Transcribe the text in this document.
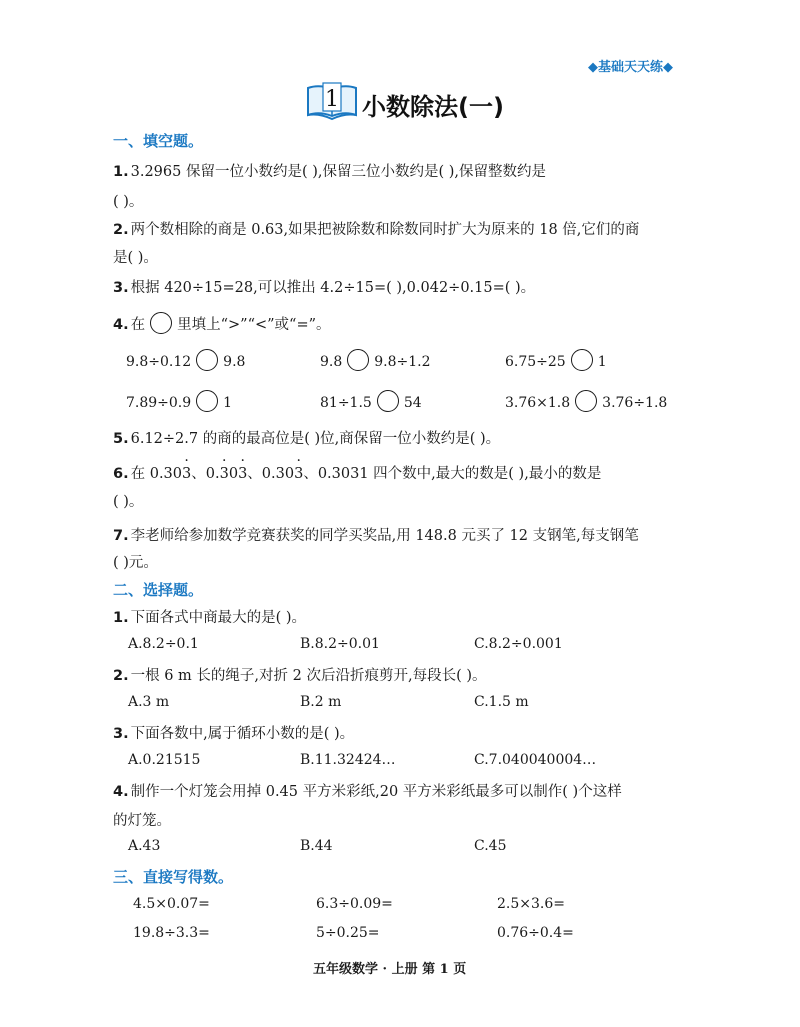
◆基础天天练◆
1 小数除法(一)
一、填空题。
1. 3.2965 保留一位小数约是( ),保留三位小数约是( ),保留整数约是
( )。
2. 两个数相除的商是 0.63,如果把被除数和除数同时扩大为原来的 18 倍,它们的商
是( )。
3. 根据 420÷15=28,可以推出 4.2÷15=( ),0.042÷0.15=( )。
4. 在 里填上“>”“<”或“=”。
9.8÷0.12 9.8	9.8 9.8÷1.2	6.75÷25 1
7.89÷0.9 1	81÷1.5 54	3.76×1.8 3.76÷1.8
5. 6.12÷2.7 的商的最高位是( )位,商保留一位小数约是( )。
6. 在 0.303 ·、0.3 ·03 ·、0.303 ·、0.3031 四个数中,最大的数是( ),最小的数是
( )。
7. 李老师给参加数学竞赛获奖的同学买奖品,用 148.8 元买了 12 支钢笔,每支钢笔
( )元。
二、选择题。
1. 下面各式中商最大的是( )。
A.8.2÷0.1	B.8.2÷0.01	C.8.2÷0.001
2. 一根 6 m 长的绳子,对折 2 次后沿折痕剪开,每段长( )。
A.3 m	B.2 m	C.1.5 m
3. 下面各数中,属于循环小数的是( )。
A.0.21515	B.11.32424…	C.7.040040004…
4. 制作一个灯笼会用掉 0.45 平方米彩纸,20 平方米彩纸最多可以制作( )个这样
的灯笼。
A.43	B.44	C.45
三、直接写得数。
4.5×0.07=	6.3÷0.09=	2.5×3.6=
19.8÷3.3=	5÷0.25=	0.76÷0.4=
五年级数学 · 上册 第 1 页
